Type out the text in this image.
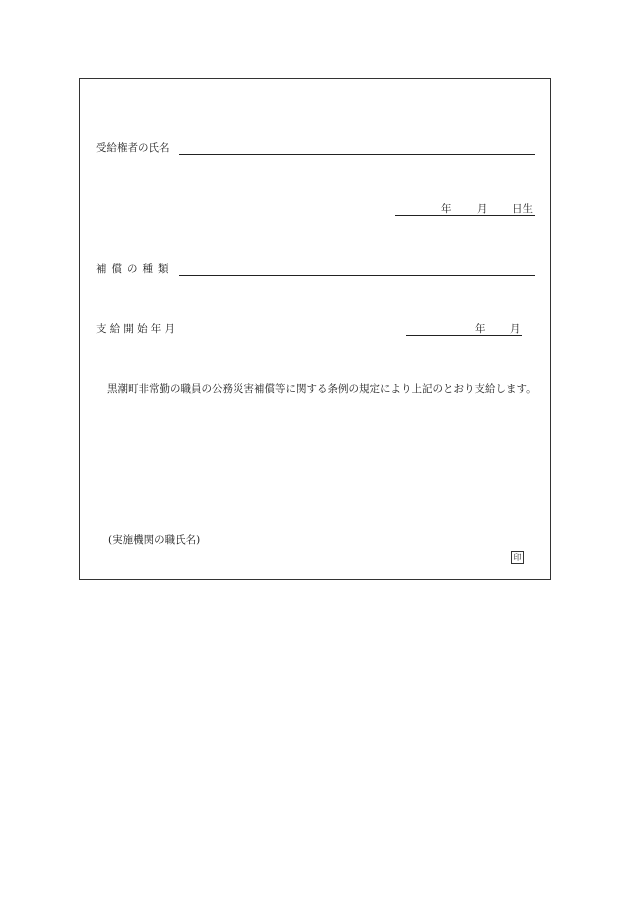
受給権者の氏名
年 月 日生
補償の種類
支給開始年月	年 月
黒潮町非常勤の職員の公務災害補償等に関する条例の規定により上記のとおり支給します。
(実施機関の職氏名)
印
